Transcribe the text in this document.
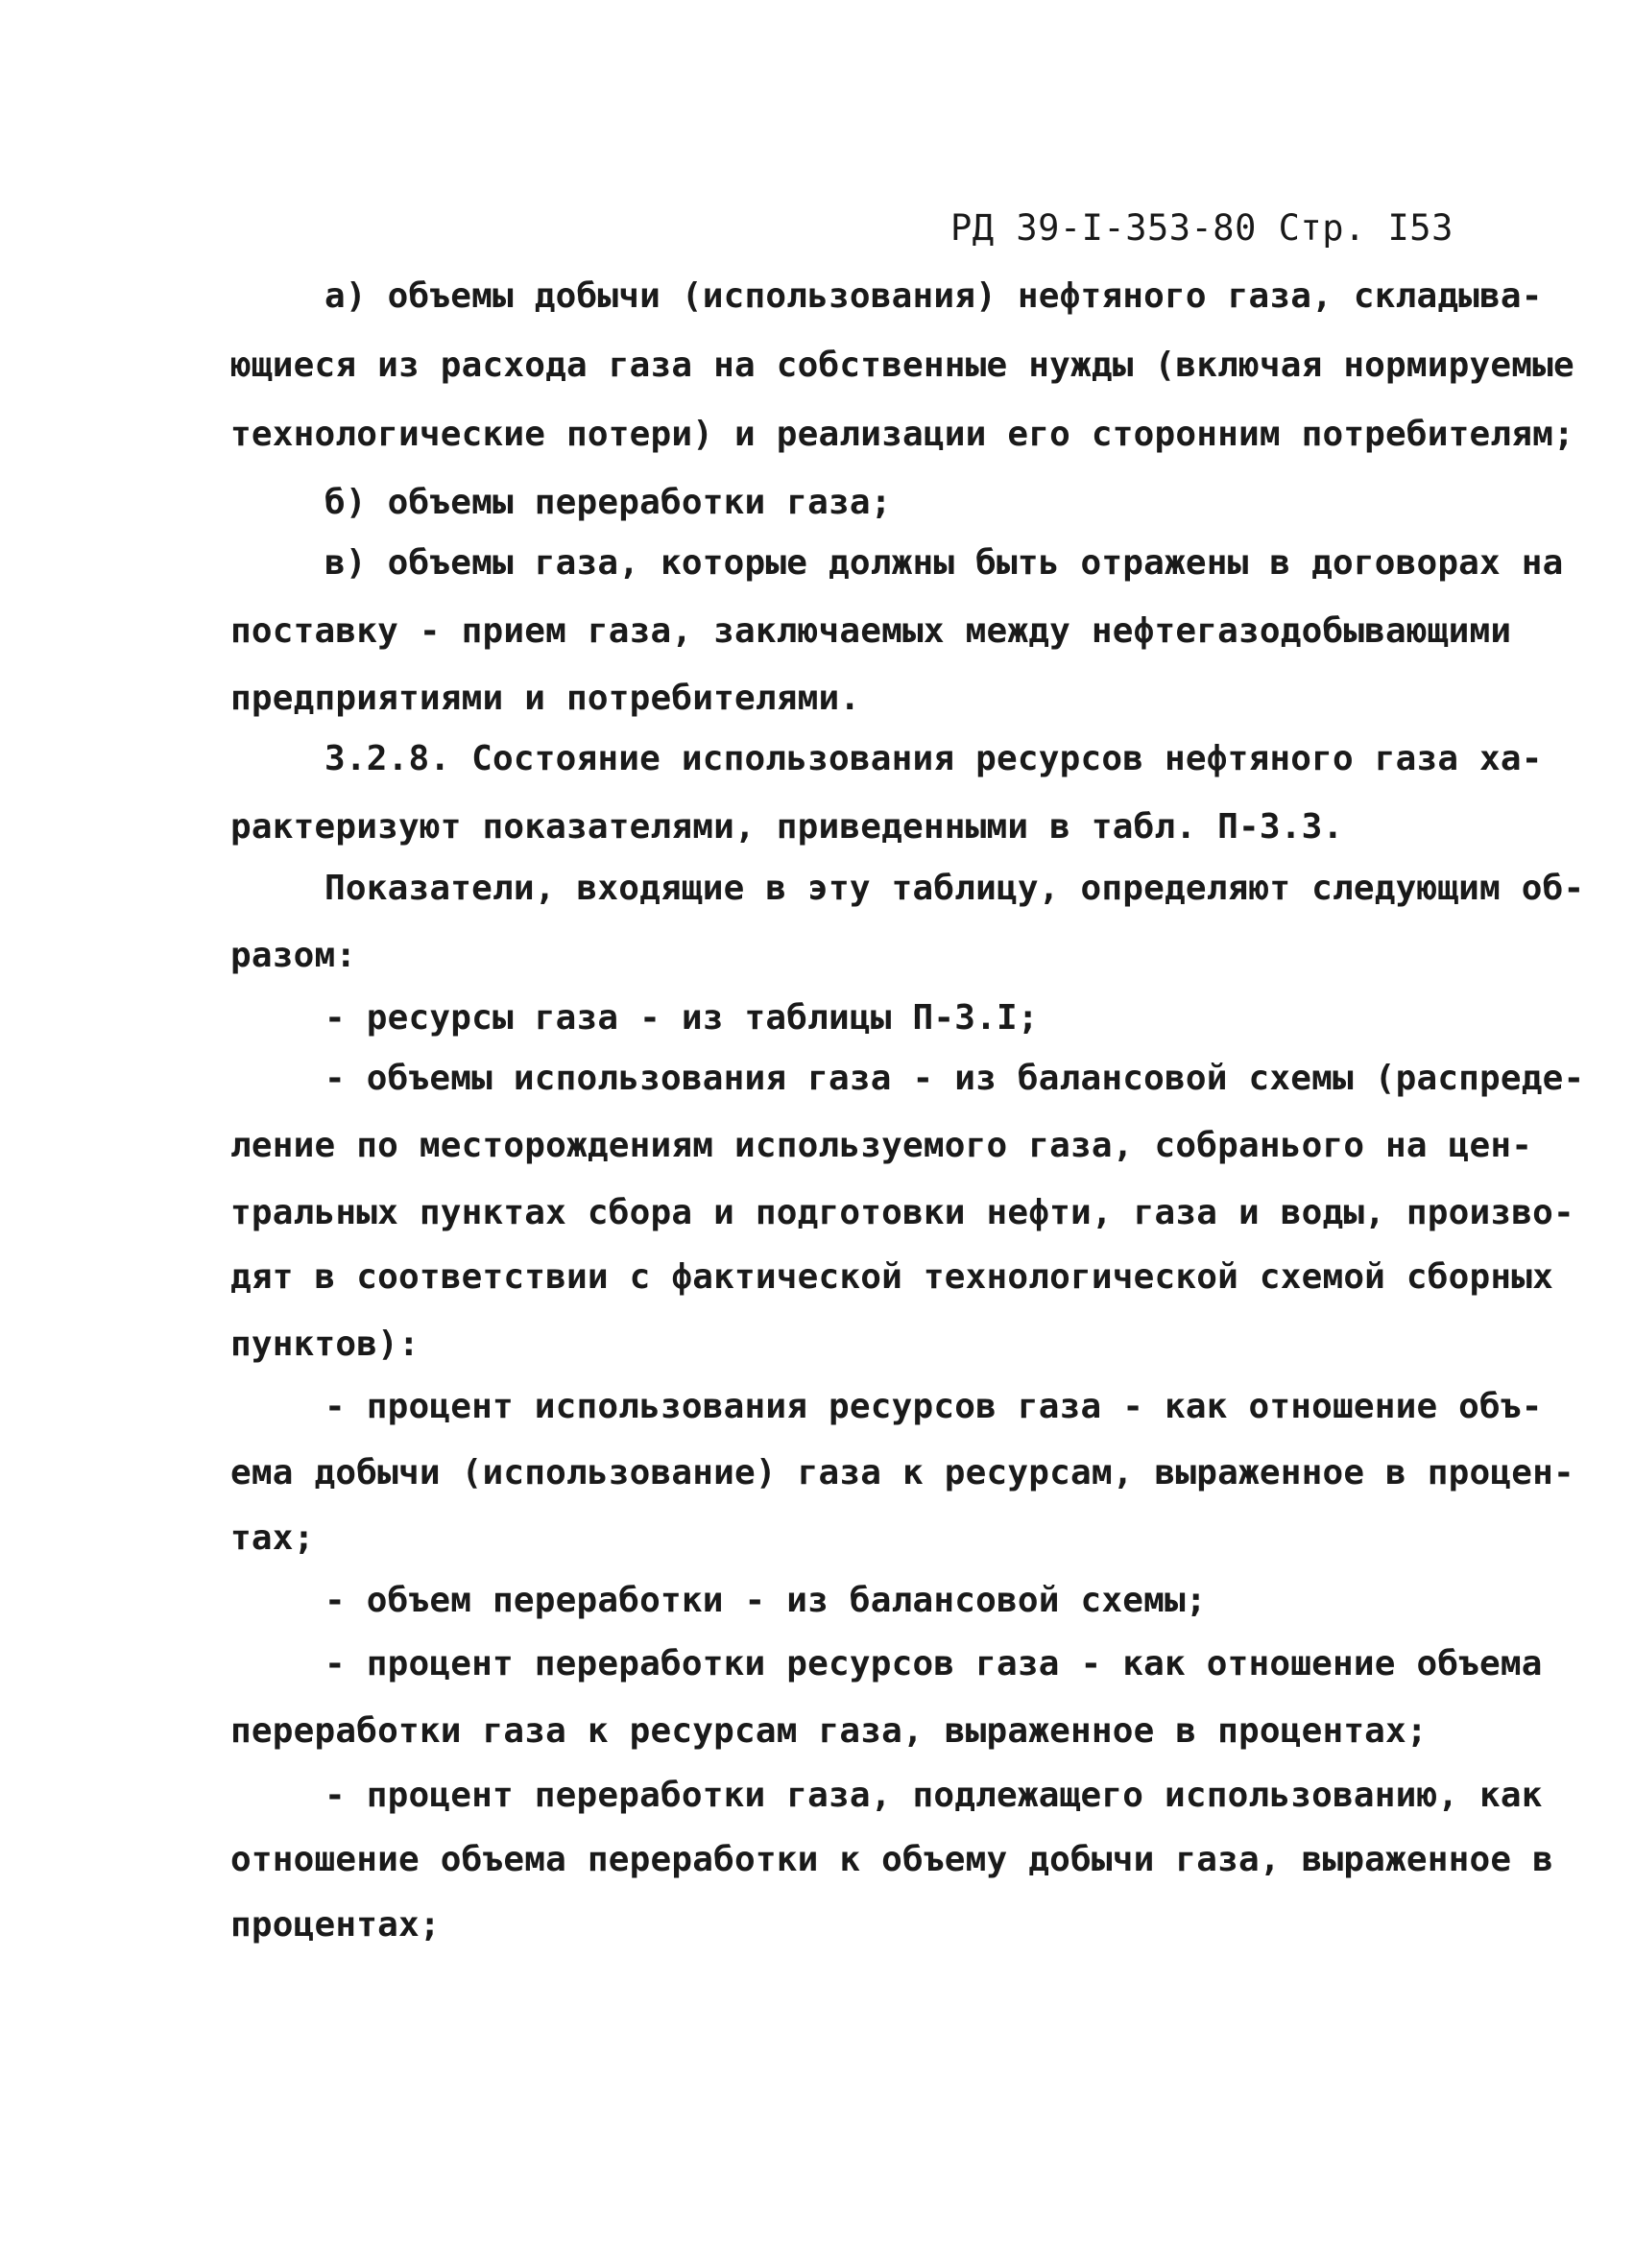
РД 39-I-353-80 Стр. I53
а) объемы добычи (использования) нефтяного газа, складыва-
ющиеся из расхода газа на собственные нужды (включая нормируемые
технологические потери) и реализации его сторонним потребителям;
б) объемы переработки газа;
в) объемы газа, которые должны быть отражены в договорах на
поставку - прием газа, заключаемых между нефтегазодобывающими
предприятиями и потребителями.
3.2.8. Состояние использования ресурсов нефтяного газа ха-
рактеризуют показателями, приведенными в табл. П-3.3.
Показатели, входящие в эту таблицу, определяют следующим об-
разом:
- ресурсы газа - из таблицы П-3.I;
- объемы использования газа - из балансовой схемы (распреде-
ление по месторождениям используемого газа, собранього на цен-
тральных пунктах сбора и подготовки нефти, газа и воды, произво-
дят в соответствии с фактической технологической схемой сборных
пунктов):
- процент использования ресурсов газа - как отношение объ-
ема добычи (использование) газа к ресурсам, выраженное в процен-
тах;
- объем переработки - из балансовой схемы;
- процент переработки ресурсов газа - как отношение объема
переработки газа к ресурсам газа, выраженное в процентах;
- процент переработки газа, подлежащего использованию, как
отношение объема переработки к объему добычи газа, выраженное в
процентах;
